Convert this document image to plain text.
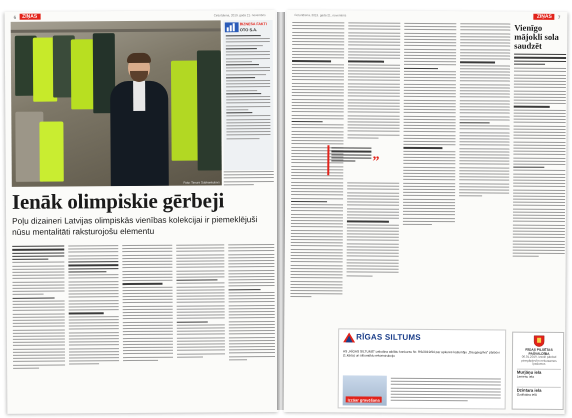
6	ZIŅAS	Ceturtdiena, 2019. gada 21. novembris
Foto: Timurs Subhankulovs
BIZNESA FAKTI
OTO S.A.
Ienāk olimpiskie gērbeji
Poļu dizaineri Latvijas olimpiskās vienības kolekcijai ir piemeklējuši nūsu mentalitāti raksturojošu elementu
Ceturtdiena, 2019. gada 21. novembris	ZIŅAS	7
”
RĪGAS SILTUMS
AS „RĪGAS SILTUMS" izsludina atklātu konkursu Nr. RS/2019/94 par apkures katlumāju „Daugavgrīva" pārbūvi (1.kārta) un siltumtīklu rekonstrukciju
Izzāar gravēšana
Vienīgo mājokli sola saudzēt
RĪGAS PILSĒTAS PAŠVALDĪBA
06.01.2019. izsolē pārdod pirmpārdevīm nekustamos īpašumus
Murjāņu iela
Lemesu iela
Dzintara iela
Ozolkalna ielā
